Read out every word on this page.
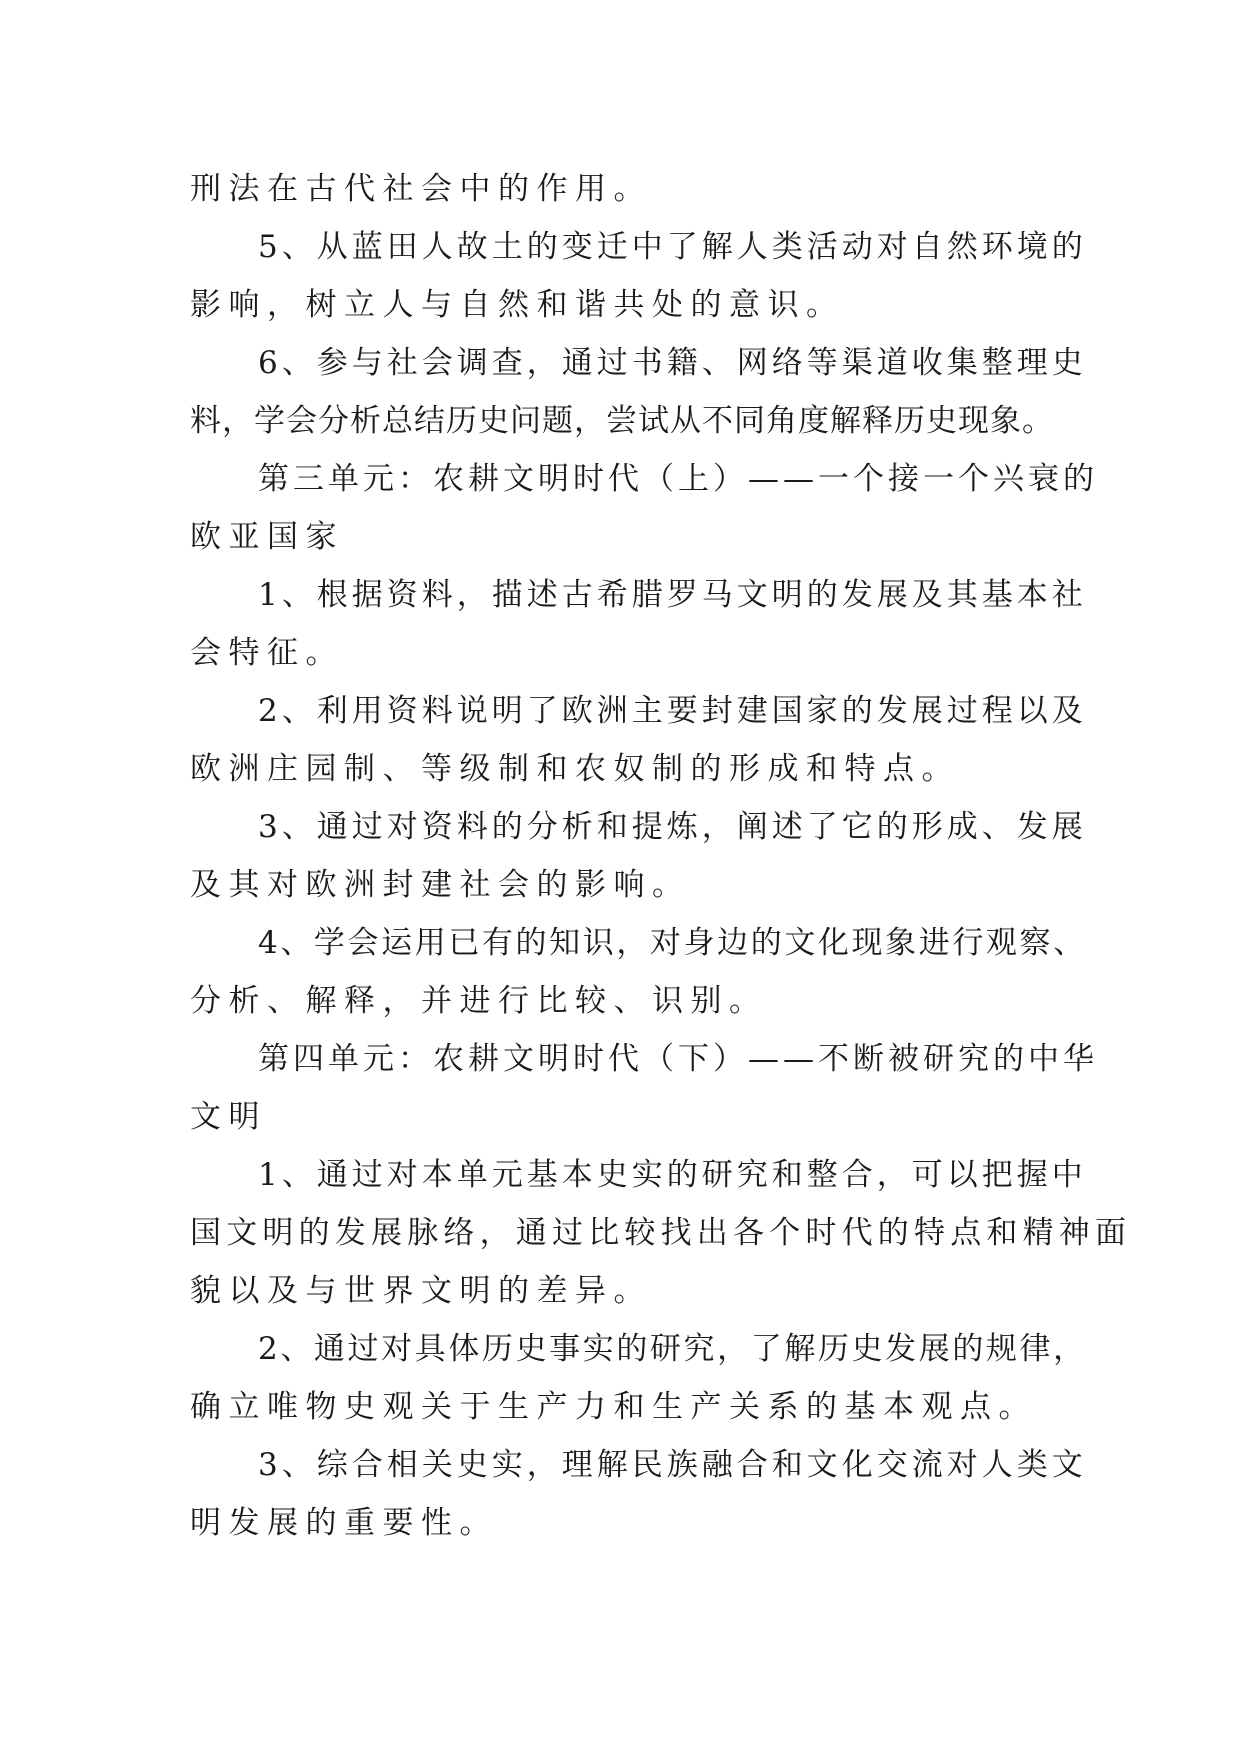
刑法在古代社会中的作用。
5、从蓝田人故土的变迁中了解人类活动对自然环境的
影响，树立人与自然和谐共处的意识。
6、参与社会调查，通过书籍、网络等渠道收集整理史
料，学会分析总结历史问题，尝试从不同角度解释历史现象。
第三单元：农耕文明时代（上）——一个接一个兴衰的
欧亚国家
1、根据资料，描述古希腊罗马文明的发展及其基本社
会特征。
2、利用资料说明了欧洲主要封建国家的发展过程以及
欧洲庄园制、等级制和农奴制的形成和特点。
3、通过对资料的分析和提炼，阐述了它的形成、发展
及其对欧洲封建社会的影响。
4、学会运用已有的知识，对身边的文化现象进行观察、
分析、解释，并进行比较、识别。
第四单元：农耕文明时代（下）——不断被研究的中华
文明
1、通过对本单元基本史实的研究和整合，可以把握中
国文明的发展脉络，通过比较找出各个时代的特点和精神面
貌以及与世界文明的差异。
2、通过对具体历史事实的研究，了解历史发展的规律，
确立唯物史观关于生产力和生产关系的基本观点。
3、综合相关史实，理解民族融合和文化交流对人类文
明发展的重要性。
